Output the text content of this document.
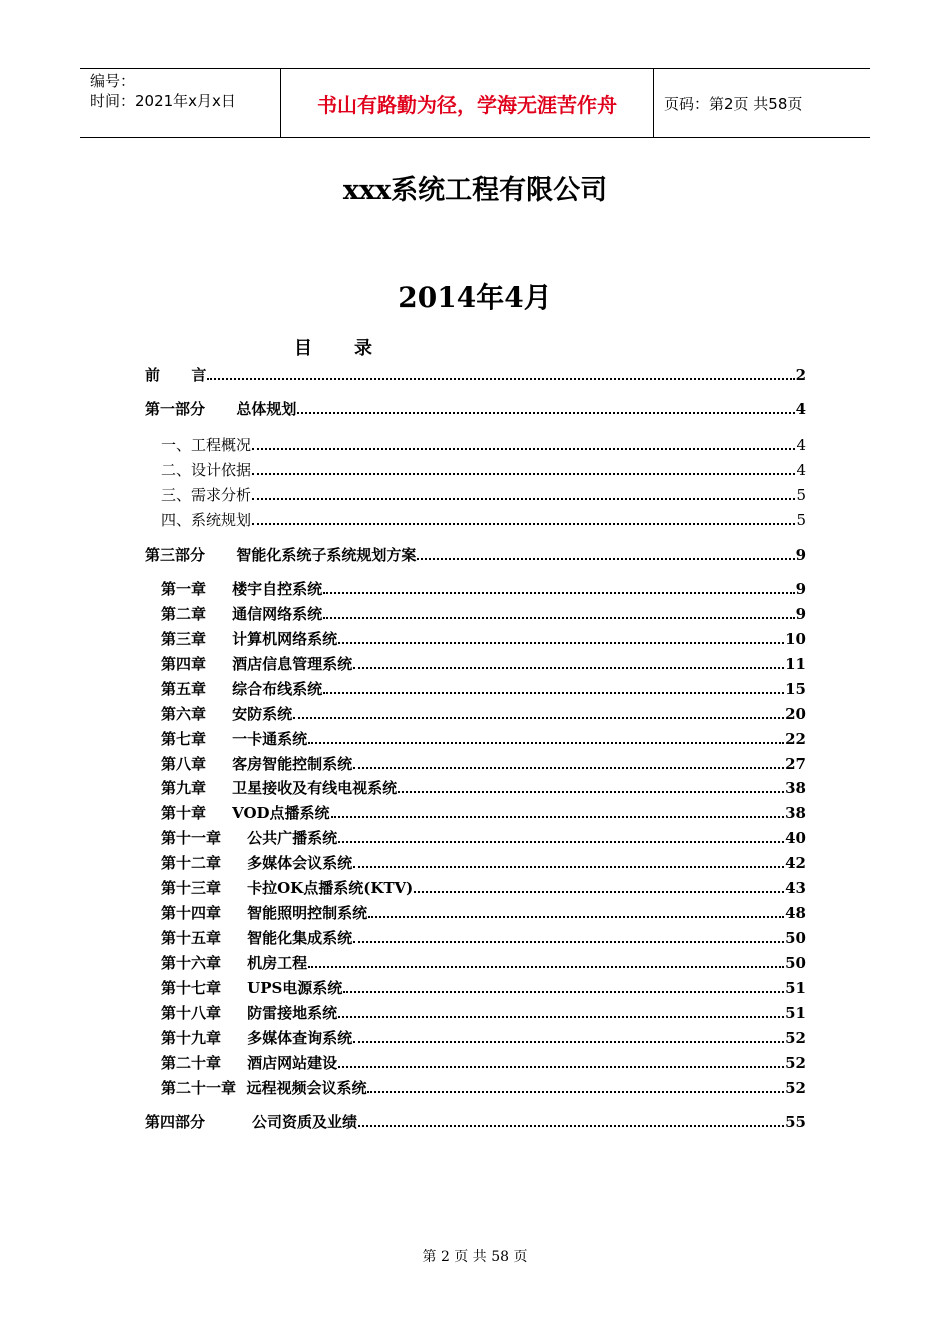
编号：
时间：2021年x月x日	书山有路勤为径，学海无涯苦作舟	页码：第2页 共58页
xxx系统工程有限公司
2014年4月
目录
前      言	2
第一部分      总体规划	4
一、工程概况	4
二、设计依据	4
三、需求分析	5
四、系统规划	5
第三部分      智能化系统子系统规划方案	9
第一章     楼宇自控系统	9
第二章     通信网络系统	9
第三章     计算机网络系统	10
第四章     酒店信息管理系统	11
第五章     综合布线系统	15
第六章     安防系统	20
第七章     一卡通系统	22
第八章     客房智能控制系统	27
第九章     卫星接收及有线电视系统	38
第十章     VOD点播系统	38
第十一章     公共广播系统	40
第十二章     多媒体会议系统	42
第十三章     卡拉OK点播系统(KTV)	43
第十四章     智能照明控制系统	48
第十五章     智能化集成系统	50
第十六章     机房工程	50
第十七章     UPS电源系统	51
第十八章     防雷接地系统	51
第十九章     多媒体查询系统	52
第二十章     酒店网站建设	52
第二十一章  远程视频会议系统	52
第四部分         公司资质及业绩	55
第 2 页 共 58 页
